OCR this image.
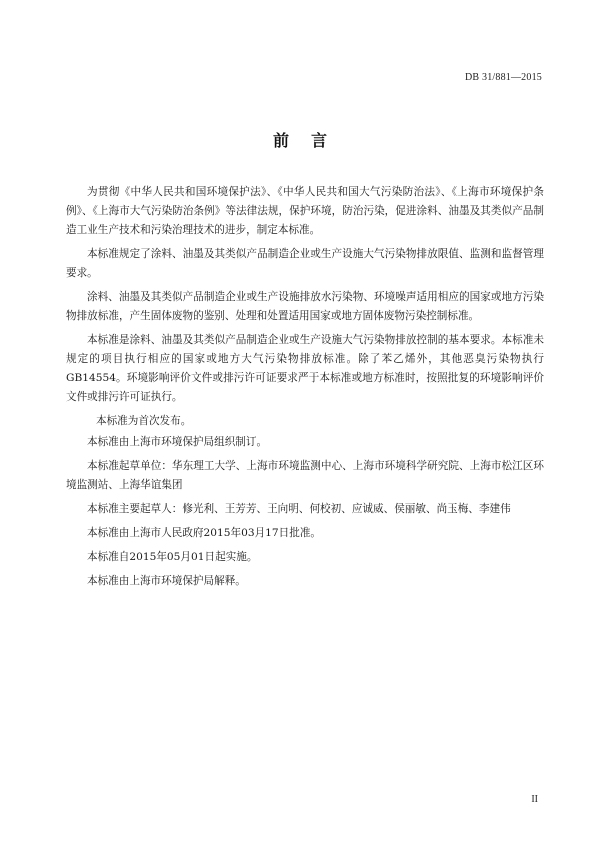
DB 31/881—2015
前言

为贯彻《中华人民共和国环境保护法》、《中华人民共和国大气污染防治法》、《上海市环境保护条例》、《上海市大气污染防治条例》等法律法规，保护环境，防治污染，促进涂料、油墨及其类似产品制造工业生产技术和污染治理技术的进步，制定本标准。

本标准规定了涂料、油墨及其类似产品制造企业或生产设施大气污染物排放限值、监测和监督管理要求。

涂料、油墨及其类似产品制造企业或生产设施排放水污染物、环境噪声适用相应的国家或地方污染物排放标准，产生固体废物的鉴别、处理和处置适用国家或地方固体废物污染控制标准。

本标准是涂料、油墨及其类似产品制造企业或生产设施大气污染物排放控制的基本要求。本标准未规定的项目执行相应的国家或地方大气污染物排放标准。除了苯乙烯外，其他恶臭污染物执行GB14554。环境影响评价文件或排污许可证要求严于本标准或地方标准时，按照批复的环境影响评价文件或排污许可证执行。

本标准为首次发布。

本标准由上海市环境保护局组织制订。

本标准起草单位：华东理工大学、上海市环境监测中心、上海市环境科学研究院、上海市松江区环境监测站、上海华谊集团

本标准主要起草人：修光利、王芳芳、王向明、何校初、应诚威、侯丽敏、尚玉梅、李建伟

本标准由上海市人民政府2015年03月17日批准。

本标准自2015年05月01日起实施。

本标准由上海市环境保护局解释。

II
